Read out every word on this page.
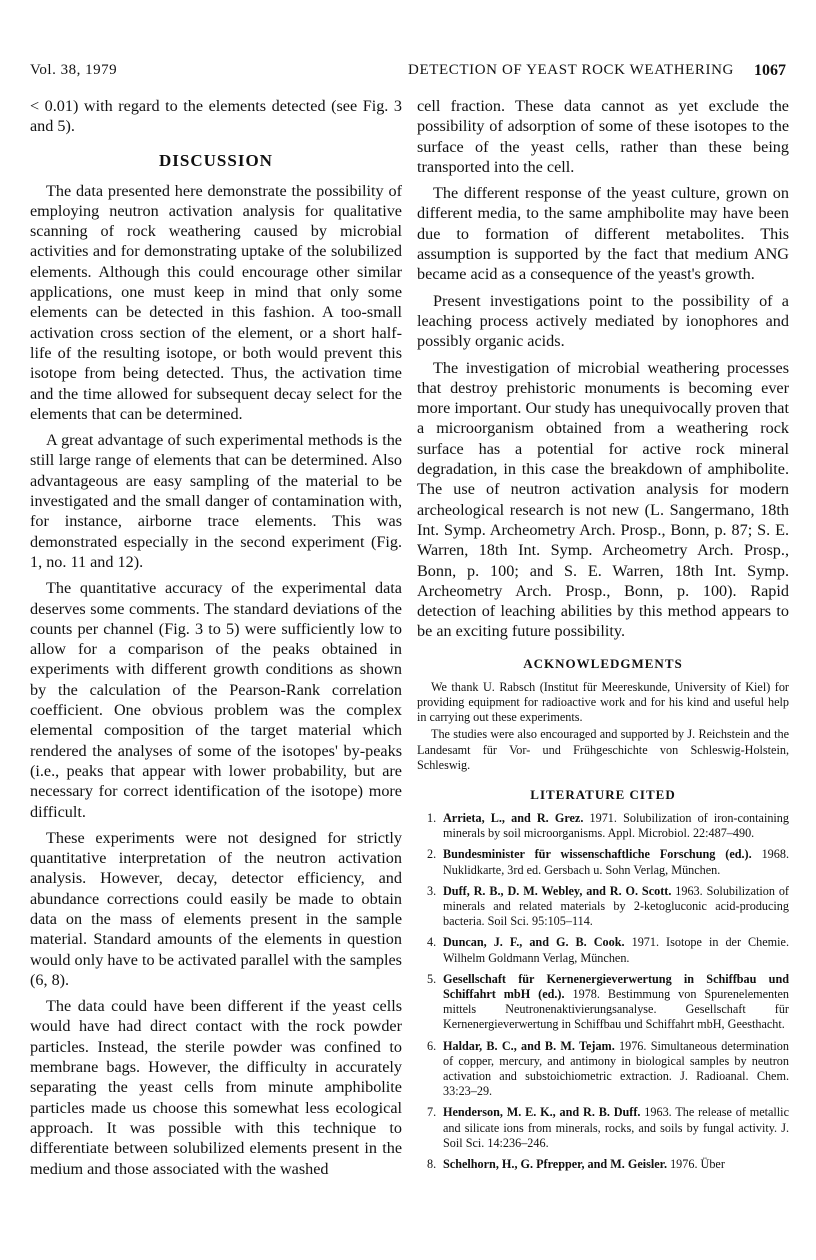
Vol. 38, 1979	DETECTION OF YEAST ROCK WEATHERING 1067

< 0.01) with regard to the elements detected (see Fig. 3 and 5).

DISCUSSION

The data presented here demonstrate the possibility of employing neutron activation analysis for qualitative scanning of rock weathering caused by microbial activities and for demonstrating uptake of the solubilized elements. Although this could encourage other similar applications, one must keep in mind that only some elements can be detected in this fashion. A too-small activation cross section of the element, or a short half-life of the resulting isotope, or both would prevent this isotope from being detected. Thus, the activation time and the time allowed for subsequent decay select for the elements that can be determined.

A great advantage of such experimental methods is the still large range of elements that can be determined. Also advantageous are easy sampling of the material to be investigated and the small danger of contamination with, for instance, airborne trace elements. This was demonstrated especially in the second experiment (Fig. 1, no. 11 and 12).

The quantitative accuracy of the experimental data deserves some comments. The standard deviations of the counts per channel (Fig. 3 to 5) were sufficiently low to allow for a comparison of the peaks obtained in experiments with different growth conditions as shown by the calculation of the Pearson-Rank correlation coefficient. One obvious problem was the complex elemental composition of the target material which rendered the analyses of some of the isotopes' by-peaks (i.e., peaks that appear with lower probability, but are necessary for correct identification of the isotope) more difficult.

These experiments were not designed for strictly quantitative interpretation of the neutron activation analysis. However, decay, detector efficiency, and abundance corrections could easily be made to obtain data on the mass of elements present in the sample material. Standard amounts of the elements in question would only have to be activated parallel with the samples (6, 8).

The data could have been different if the yeast cells would have had direct contact with the rock powder particles. Instead, the sterile powder was confined to membrane bags. However, the difficulty in accurately separating the yeast cells from minute amphibolite particles made us choose this somewhat less ecological approach. It was possible with this technique to differentiate between solubilized elements present in the medium and those associated with the washed

cell fraction. These data cannot as yet exclude the possibility of adsorption of some of these isotopes to the surface of the yeast cells, rather than these being transported into the cell.

The different response of the yeast culture, grown on different media, to the same amphibolite may have been due to formation of different metabolites. This assumption is supported by the fact that medium ANG became acid as a consequence of the yeast's growth.

Present investigations point to the possibility of a leaching process actively mediated by ionophores and possibly organic acids.

The investigation of microbial weathering processes that destroy prehistoric monuments is becoming ever more important. Our study has unequivocally proven that a microorganism obtained from a weathering rock surface has a potential for active rock mineral degradation, in this case the breakdown of amphibolite. The use of neutron activation analysis for modern archeological research is not new (L. Sangermano, 18th Int. Symp. Archeometry Arch. Prosp., Bonn, p. 87; S. E. Warren, 18th Int. Symp. Archeometry Arch. Prosp., Bonn, p. 100; and S. E. Warren, 18th Int. Symp. Archeometry Arch. Prosp., Bonn, p. 100). Rapid detection of leaching abilities by this method appears to be an exciting future possibility.

ACKNOWLEDGMENTS

We thank U. Rabsch (Institut für Meereskunde, University of Kiel) for providing equipment for radioactive work and for his kind and useful help in carrying out these experiments.

The studies were also encouraged and supported by J. Reichstein and the Landesamt für Vor- und Frühgeschichte von Schleswig-Holstein, Schleswig.

LITERATURE CITED
1. Arrieta, L., and R. Grez. 1971. Solubilization of iron-containing minerals by soil microorganisms. Appl. Microbiol. 22:487–490.
2. Bundesminister für wissenschaftliche Forschung (ed.). 1968. Nuklidkarte, 3rd ed. Gersbach u. Sohn Verlag, München.
3. Duff, R. B., D. M. Webley, and R. O. Scott. 1963. Solubilization of minerals and related materials by 2-ketogluconic acid-producing bacteria. Soil Sci. 95:105–114.
4. Duncan, J. F., and G. B. Cook. 1971. Isotope in der Chemie. Wilhelm Goldmann Verlag, München.
5. Gesellschaft für Kernenergieverwertung in Schiffbau und Schiffahrt mbH (ed.). 1978. Bestimmung von Spurenelementen mittels Neutronenaktivierungsanalyse. Gesellschaft für Kernenergieverwertung in Schiffbau und Schiffahrt mbH, Geesthacht.
6. Haldar, B. C., and B. M. Tejam. 1976. Simultaneous determination of copper, mercury, and antimony in biological samples by neutron activation and substoichiometric extraction. J. Radioanal. Chem. 33:23–29.
7. Henderson, M. E. K., and R. B. Duff. 1963. The release of metallic and silicate ions from minerals, rocks, and soils by fungal activity. J. Soil Sci. 14:236–246.
8. Schelhorn, H., G. Pfrepper, and M. Geisler. 1976. Über
